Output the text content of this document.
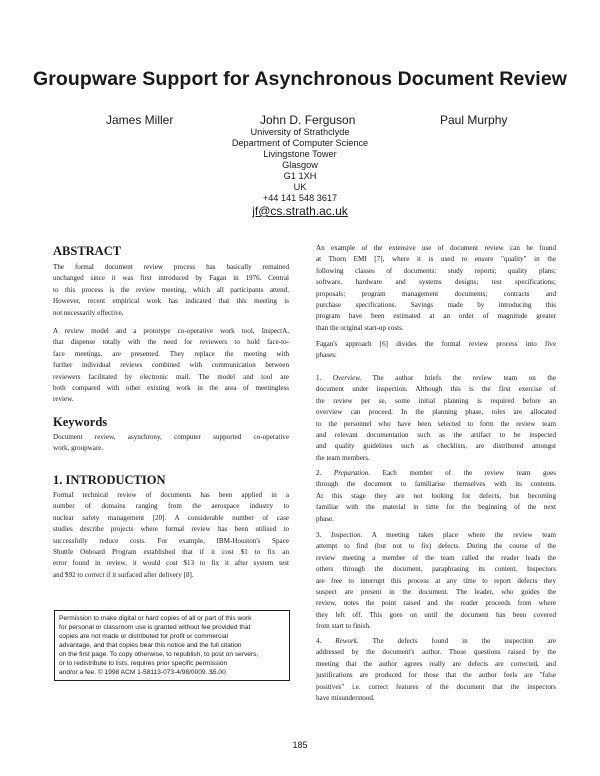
Groupware Support for Asynchronous Document Review
James Miller	John D. Ferguson	Paul Murphy
University of Strathclyde
Department of Computer Science
Livingstone Tower
Glasgow
G1 1XH
UK
+44 141 548 3617
jf@cs.strath.ac.uk
ABSTRACT
The formal document review process has basically remained
unchanged since it was first introduced by Fagan in 1976. Central
to this process is the review meeting, which all participants attend.
However, recent empirical work has indicated that this meeting is
not necessarily effective.
A review model and a prototype co-operative work tool, InspectA,
that dispense totally with the need for reviewers to hold face-to-
face meetings, are presented. They replace the meeting with
further individual reviews combined with communication between
reviewers facilitated by electronic mail. The model and tool are
both compared with other existing work in the area of meetingless
review.
Keywords
Document review, asynchrony, computer supported co-operative
work, groupware.
1. INTRODUCTION
Formal technical review of documents has been applied in a
number of domains ranging from the aerospace industry to
nuclear safety management [20]. A considerable number of case
studies describe projects where formal review has been utilised to
successfully reduce costs. For example, IBM-Houston's Space
Shuttle Onboard Program established that if it cost $1 to fix an
error found in review, it would cost $13 to fix it after system test
and $92 to correct if it surfaced after delivery [8].
Permission to make digital or hard copies of all or part of this work
for personal or classroom use is granted without fee provided that
copies are not made or distributed for profit or commercial
advantage, and that copies bear this notice and the full citation
on the first page. To copy otherwise, to republish, to post on servers,
or to redistribute to lists, requires prior specific permission
and/or a fee. © 1998 ACM 1-58113-073-4/98/0009..$5.00
An example of the extensive use of document review can be found
at Thorn EMI [7], where it is used to ensure "quality" in the
following classes of documents: study reports; quality plans;
software, hardware and systems designs; test specifications;
proposals; program management documents; contracts and
purchase specifications. Savings made by introducing this
program have been estimated at an order of magnitude greater
than the original start-up costs.
Fagan's approach [6] divides the formal review process into five
phases:
1. Overview. The author briefs the review team on the
document under inspection. Although this is the first exercise of
the review per se, some initial planning is required before an
overview can proceed. In the planning phase, roles are allocated
to the personnel who have been selected to form the review team
and relevant documentation such as the artifact to be inspected
and quality guidelines such as checklists, are distributed amongst
the team members.
2. Preparation. Each member of the review team goes
through the document to familiarise themselves with its contents.
At this stage they are not looking for defects, but becoming
familiar with the material in time for the beginning of the next
phase.
3. Inspection. A meeting takes place where the review team
attempt to find (but not to fix) defects. During the course of the
review meeting a member of the team called the reader leads the
others through the document, paraphrasing its content. Inspectors
are free to interrupt this process at any time to report defects they
suspect are present in the document. The leader, who guides the
review, notes the point raised and the reader proceeds from where
they left off. This goes on until the document has been covered
from start to finish.
4. Rework. The defects found in the inspection are
addressed by the document's author. Those questions raised by the
meeting that the author agrees really are defects are corrected, and
justifications are produced for those that the author feels are "false
positives" i.e. correct features of the document that the inspectors
have misunderstood.
185
